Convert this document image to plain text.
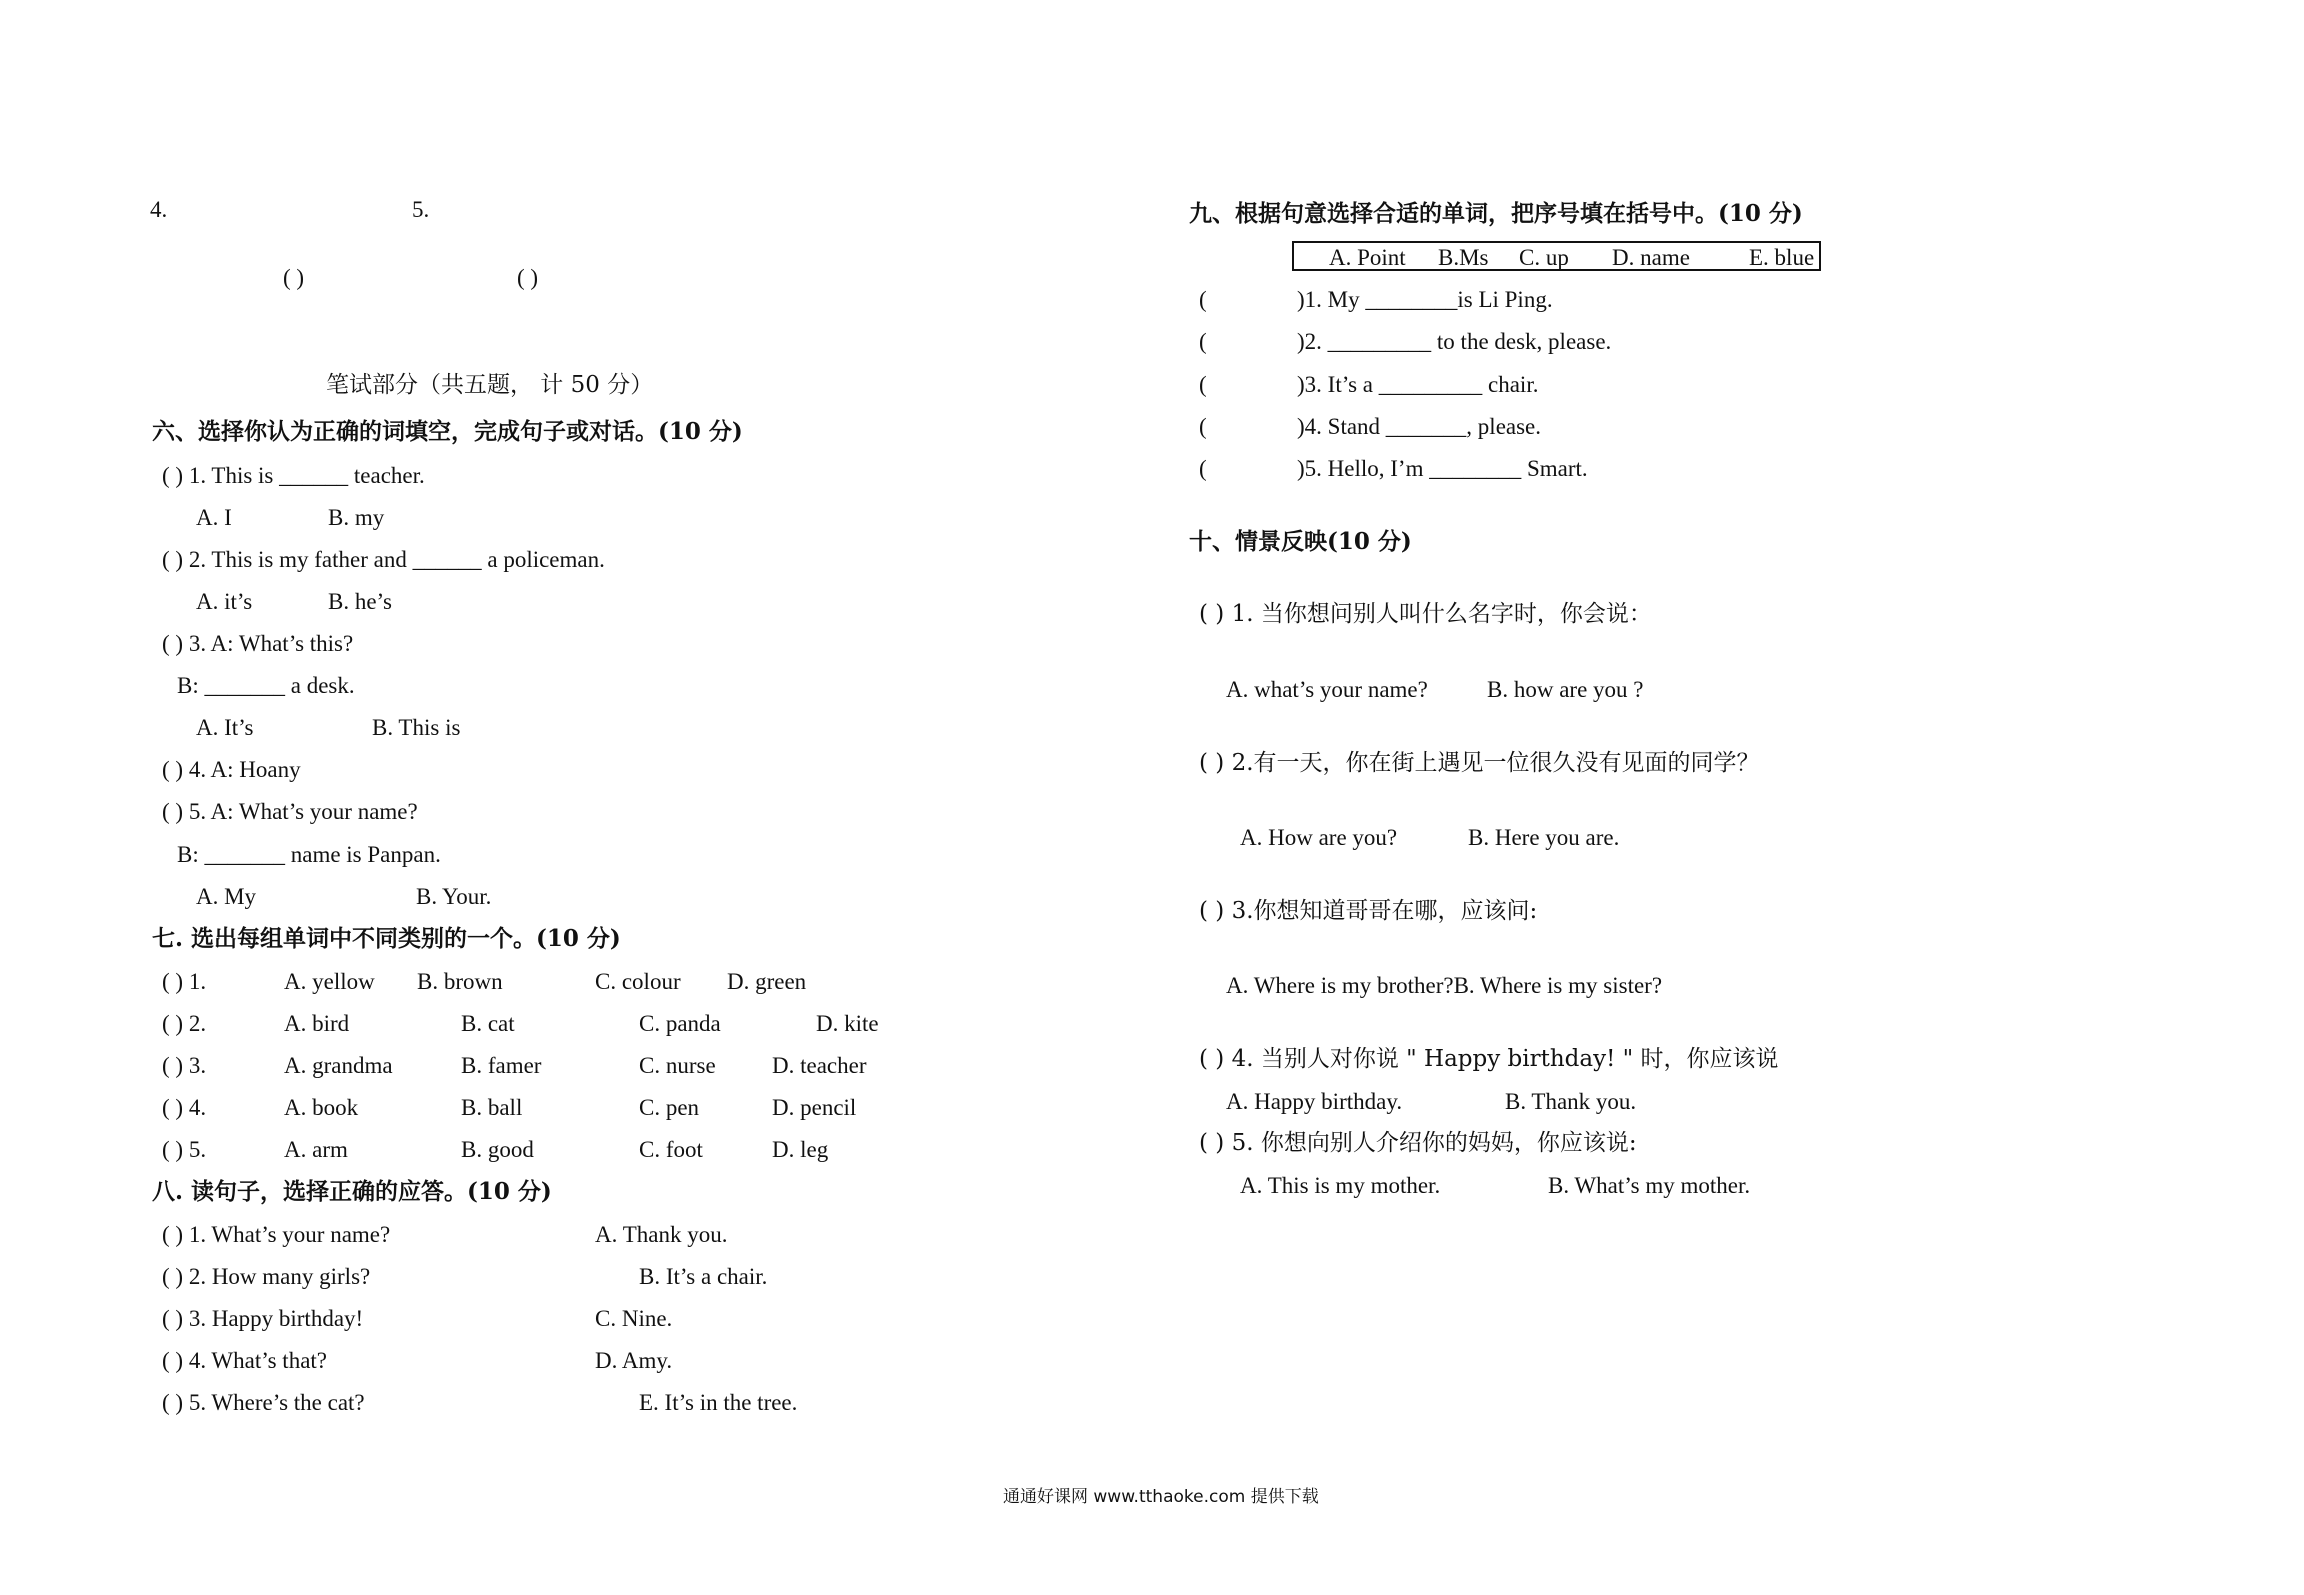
4.	5.
( )	( )
笔试部分（共五题， 计 50 分）
六、选择你认为正确的词填空，完成句子或对话。(10 分)
( ) 1. This is ______ teacher.
A. I	B. my
( ) 2. This is my father and ______ a policeman.
A. it’s	B. he’s
( ) 3. A: What’s this?
B: _______ a desk.
A. It’s	B. This is
( ) 4. A: Hoany
( ) 5. A: What’s your name?
B: _______ name is Panpan.
A. My	B. Your.
七. 选出每组单词中不同类别的一个。(10 分)
( ) 1.	A. yellow B. brown	C. colour D. green
( ) 2.	A. bird	B. cat	C. panda	D. kite
( ) 3.	A. grandma	B. famer	C. nurse D. teacher
( ) 4.	A. book	B. ball	C. pen	D. pencil
( ) 5.	A. arm	B. good	C. foot	D. leg
八. 读句子，选择正确的应答。(10 分)
( ) 1. What’s your name?	A. Thank you.
( ) 2. How many girls?	B. It’s a chair.
( ) 3. Happy birthday!	C. Nine.
( ) 4. What’s that?	D. Amy.
( ) 5. Where’s the cat?	E. It’s in the tree.
九、根据句意选择合适的单词，把序号填在括号中。(10 分)
A. Point B.Ms C. up D. name	E. blue
(	)1. My ________is Li Ping.
(	)2. _________ to the desk, please.
(	)3. It’s a _________ chair.
(	)4. Stand _______, please.
(	)5. Hello, I’m ________ Smart.
十、情景反映(10 分)
( ) 1. 当你想问别人叫什么名字时，你会说：
A. what’s your name?	B. how are you ?
( ) 2.有一天，你在街上遇见一位很久没有见面的同学？
A. How are you?	B. Here you are.
( ) 3.你想知道哥哥在哪，应该问:
A. Where is my brother?B. Where is my sister?
( ) 4. 当别人对你说 " Happy birthday! " 时，你应该说
A. Happy birthday.	B. Thank you.
( ) 5. 你想向别人介绍你的妈妈，你应该说:
A. This is my mother.	B. What’s my mother.
通通好课网 www.tthaoke.com 提供下载
